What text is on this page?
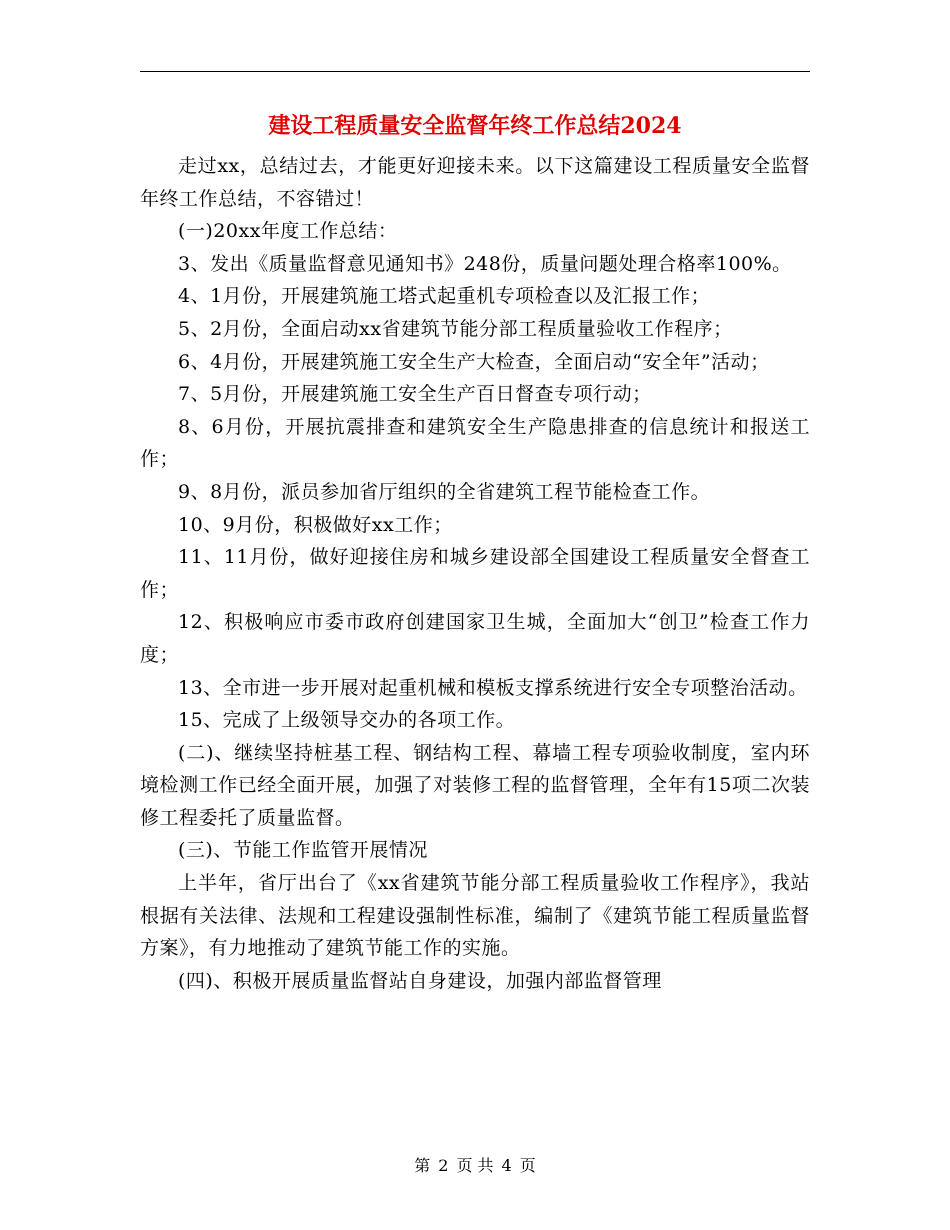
建设工程质量安全监督年终工作总结2024

走过xx，总结过去，才能更好迎接未来。以下这篇建设工程质量安全监督年终工作总结，不容错过！

(一)20xx年度工作总结：

3、发出《质量监督意见通知书》248份，质量问题处理合格率100%。

4、1月份，开展建筑施工塔式起重机专项检查以及汇报工作；

5、2月份，全面启动xx省建筑节能分部工程质量验收工作程序；

6、4月份，开展建筑施工安全生产大检查，全面启动“安全年”活动；

7、5月份，开展建筑施工安全生产百日督查专项行动；

8、6月份，开展抗震排查和建筑安全生产隐患排查的信息统计和报送工作；

9、8月份，派员参加省厅组织的全省建筑工程节能检查工作。

10、9月份，积极做好xx工作；

11、11月份，做好迎接住房和城乡建设部全国建设工程质量安全督查工作；

12、积极响应市委市政府创建国家卫生城，全面加大“创卫”检查工作力度；

13、全市进一步开展对起重机械和模板支撑系统进行安全专项整治活动。

15、完成了上级领导交办的各项工作。

(二)、继续坚持桩基工程、钢结构工程、幕墙工程专项验收制度，室内环境检测工作已经全面开展，加强了对装修工程的监督管理，全年有15项二次装修工程委托了质量监督。

(三)、节能工作监管开展情况

上半年，省厅出台了《xx省建筑节能分部工程质量验收工作程序》，我站根据有关法律、法规和工程建设强制性标准，编制了《建筑节能工程质量监督方案》，有力地推动了建筑节能工作的实施。

(四)、积极开展质量监督站自身建设，加强内部监督管理

第 2 页 共 4 页
